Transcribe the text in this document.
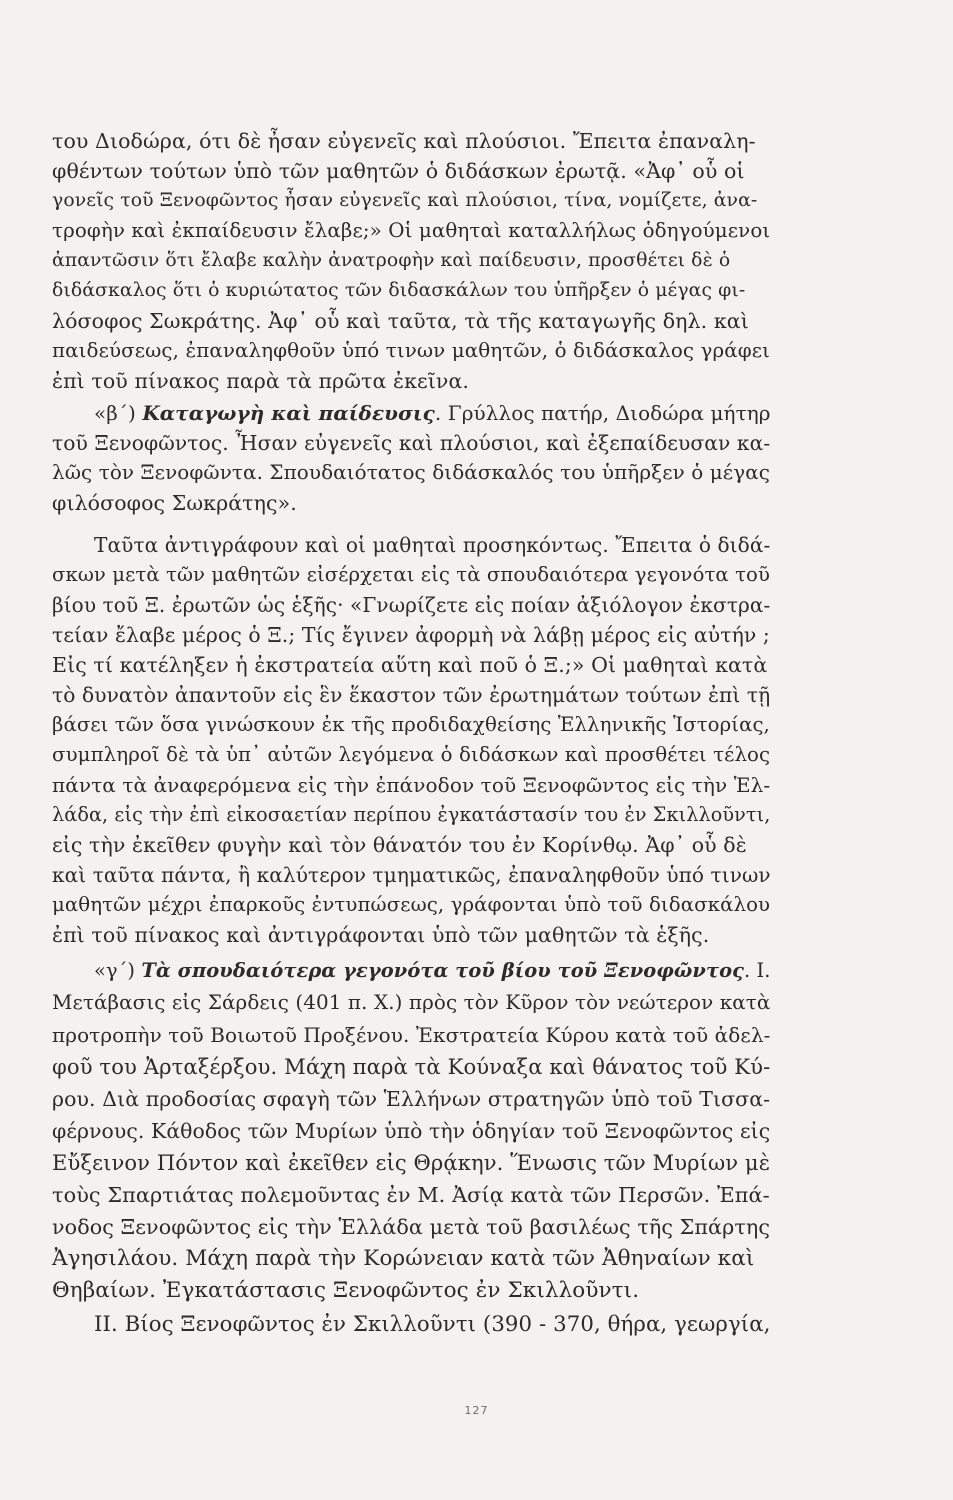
του Διοδώρα, ότι δὲ ἦσαν εὐγενεῖς καὶ πλούσιοι. Ἔπειτα ἐπαναλη-
φθέντων τούτων ὑπὸ τῶν μαθητῶν ὁ διδάσκων ἐρωτᾷ. «Ἀφ᾽ οὗ οἱ
γονεῖς τοῦ Ξενοφῶντος ἦσαν εὐγενεῖς καὶ πλούσιοι, τίνα, νομίζετε, ἀνα-
τροφὴν καὶ ἐκπαίδευσιν ἔλαβε;» Οἱ μαθηταὶ καταλλήλως ὁδηγούμενοι
ἀπαντῶσιν ὅτι ἔλαβε καλὴν ἀνατροφὴν καὶ παίδευσιν, προσθέτει δὲ ὁ
διδάσκαλος ὅτι ὁ κυριώτατος τῶν διδασκάλων του ὑπῆρξεν ὁ μέγας φι-
λόσοφος Σωκράτης. Ἀφ᾽ οὗ καὶ ταῦτα, τὰ τῆς καταγωγῆς δηλ. καὶ
παιδεύσεως, ἐπαναληφθοῦν ὑπό τινων μαθητῶν, ὁ διδάσκαλος γράφει
ἐπὶ τοῦ πίνακος παρὰ τὰ πρῶτα ἐκεῖνα.
«β΄) Καταγωγὴ καὶ παίδευσις. Γρύλλος πατήρ, Διοδώρα μήτηρ
τοῦ Ξενοφῶντος. Ἦσαν εὐγενεῖς καὶ πλούσιοι, καὶ ἐξεπαίδευσαν κα-
λῶς τὸν Ξενοφῶντα. Σπουδαιότατος διδάσκαλός του ὑπῆρξεν ὁ μέγας
φιλόσοφος Σωκράτης».
Ταῦτα ἀντιγράφουν καὶ οἱ μαθηταὶ προσηκόντως. Ἔπειτα ὁ διδά-
σκων μετὰ τῶν μαθητῶν εἰσέρχεται εἰς τὰ σπουδαιότερα γεγονότα τοῦ
βίου τοῦ Ξ. ἐρωτῶν ὡς ἑξῆς· «Γνωρίζετε εἰς ποίαν ἀξιόλογον ἐκστρα-
τείαν ἔλαβε μέρος ὁ Ξ.; Τίς ἔγινεν ἀφορμὴ νὰ λάβῃ μέρος εἰς αὐτήν ;
Εἰς τί κατέληξεν ἡ ἐκστρατεία αὕτη καὶ ποῦ ὁ Ξ.;» Οἱ μαθηταὶ κατὰ
τὸ δυνατὸν ἀπαντοῦν εἰς ἓν ἕκαστον τῶν ἐρωτημάτων τούτων ἐπὶ τῇ
βάσει τῶν ὅσα γινώσκουν ἐκ τῆς προδιδαχθείσης Ἑλληνικῆς Ἱστορίας,
συμπληροῖ δὲ τὰ ὑπ᾽ αὐτῶν λεγόμενα ὁ διδάσκων καὶ προσθέτει τέλος
πάντα τὰ ἀναφερόμενα εἰς τὴν ἐπάνοδον τοῦ Ξενοφῶντος εἰς τὴν Ἑλ-
λάδα, εἰς τὴν ἐπὶ εἰκοσαετίαν περίπου ἐγκατάστασίν του ἐν Σκιλλοῦντι,
εἰς τὴν ἐκεῖθεν φυγὴν καὶ τὸν θάνατόν του ἐν Κορίνθῳ. Ἀφ᾽ οὗ δὲ
καὶ ταῦτα πάντα, ἢ καλύτερον τμηματικῶς, ἐπαναληφθοῦν ὑπό τινων
μαθητῶν μέχρι ἐπαρκοῦς ἐντυπώσεως, γράφονται ὑπὸ τοῦ διδασκάλου
ἐπὶ τοῦ πίνακος καὶ ἀντιγράφονται ὑπὸ τῶν μαθητῶν τὰ ἑξῆς.
«γ΄) Τὰ σπουδαιότερα γεγονότα τοῦ βίου τοῦ Ξενοφῶντος. Ι.
Μετάβασις εἰς Σάρδεις (401 π. Χ.) πρὸς τὸν Κῦρον τὸν νεώτερον κατὰ
προτροπὴν τοῦ Βοιωτοῦ Προξένου. Ἐκστρατεία Κύρου κατὰ τοῦ ἀδελ-
φοῦ του Ἀρταξέρξου. Μάχη παρὰ τὰ Κούναξα καὶ θάνατος τοῦ Κύ-
ρου. Διὰ προδοσίας σφαγὴ τῶν Ἑλλήνων στρατηγῶν ὑπὸ τοῦ Τισσα-
φέρνους. Κάθοδος τῶν Μυρίων ὑπὸ τὴν ὁδηγίαν τοῦ Ξενοφῶντος εἰς
Εὔξεινον Πόντον καὶ ἐκεῖθεν εἰς Θρᾴκην. Ἕνωσις τῶν Μυρίων μὲ
τοὺς Σπαρτιάτας πολεμοῦντας ἐν Μ. Ἀσίᾳ κατὰ τῶν Περσῶν. Ἐπά-
νοδος Ξενοφῶντος εἰς τὴν Ἑλλάδα μετὰ τοῦ βασιλέως τῆς Σπάρτης
Ἀγησιλάου. Μάχη παρὰ τὴν Κορώνειαν κατὰ τῶν Ἀθηναίων καὶ
Θηβαίων. Ἐγκατάστασις Ξενοφῶντος ἐν Σκιλλοῦντι.
ΙΙ. Βίος Ξενοφῶντος ἐν Σκιλλοῦντι (390 - 370, θήρα, γεωργία,
127
